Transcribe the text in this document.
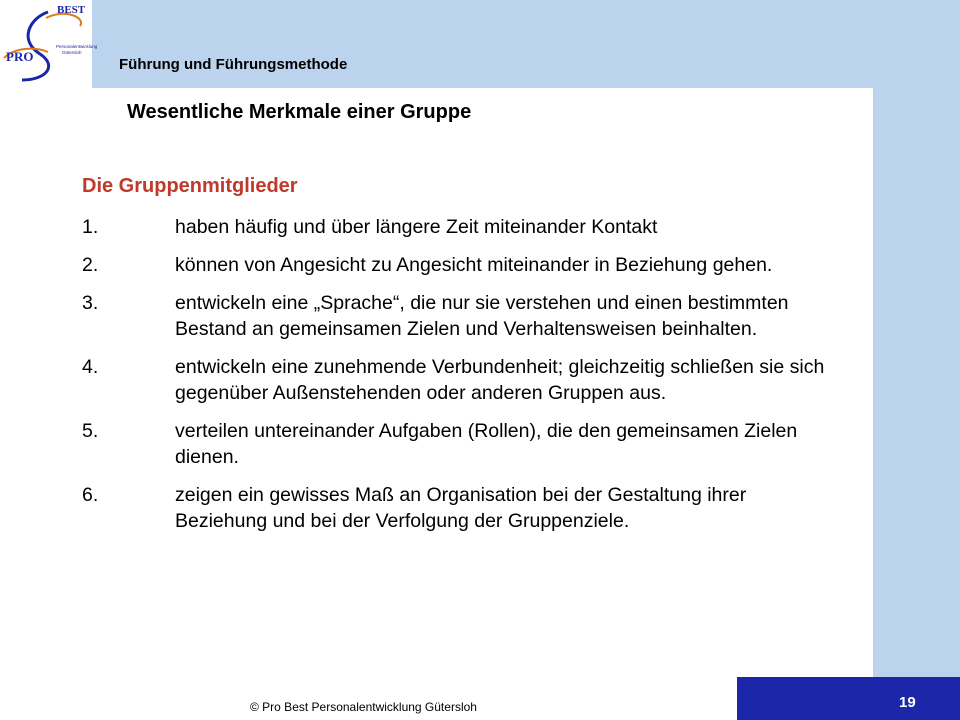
BEST
PRO
Personalentwicklung
Gütersloh
Führung und Führungsmethode
Wesentliche Merkmale einer Gruppe
Die Gruppenmitglieder
1.	haben häufig und über längere Zeit miteinander Kontakt
2.	können von Angesicht zu Angesicht miteinander in Beziehung gehen.
3.	entwickeln eine „Sprache“, die nur sie verstehen und einen bestimmten Bestand an gemeinsamen Zielen und Verhaltensweisen beinhalten.
4.	entwickeln eine zunehmende Verbundenheit; gleichzeitig schließen sie sich gegenüber Außenstehenden oder anderen Gruppen aus.
5.	verteilen untereinander Aufgaben (Rollen), die den gemeinsamen Zielen dienen.
6.	zeigen ein gewisses Maß an Organisation bei der Gestaltung ihrer Beziehung und bei der Verfolgung der Gruppenziele.
© Pro Best Personalentwicklung Gütersloh	19
